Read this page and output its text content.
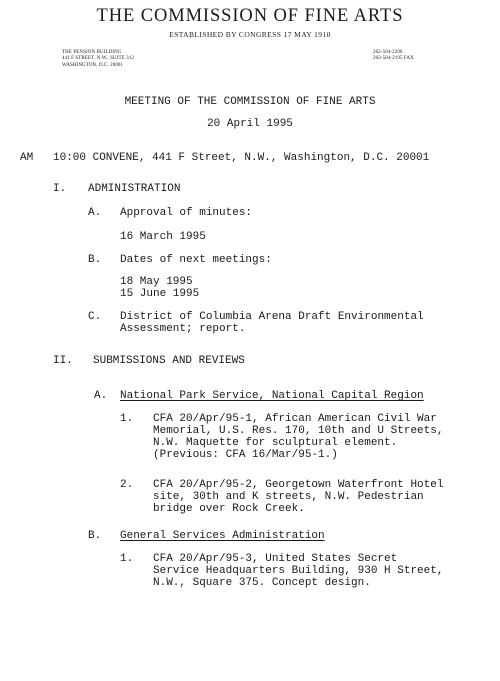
THE COMMISSION OF FINE ARTS
ESTABLISHED BY CONGRESS 17 MAY 1910
THE PENSION BUILDING
441 F STREET, N.W., SUITE 312
WASHINGTON, D.C. 20001
202-504-2200
202-504-2195 FAX
MEETING OF THE COMMISSION OF FINE ARTS
20 April 1995
AM 10:00 CONVENE, 441 F Street, N.W., Washington, D.C. 20001
I. ADMINISTRATION
A. Approval of minutes:
16 March 1995
B. Dates of next meetings:
18 May 1995
15 June 1995
C. District of Columbia Arena Draft Environmental
Assessment; report.
II. SUBMISSIONS AND REVIEWS
A. National Park Service, National Capital Region
1. CFA 20/Apr/95-1, African American Civil War
Memorial, U.S. Res. 170, 10th and U Streets,
N.W. Maquette for sculptural element.
(Previous: CFA 16/Mar/95-1.)
2. CFA 20/Apr/95-2, Georgetown Waterfront Hotel
site, 30th and K streets, N.W. Pedestrian
bridge over Rock Creek.
B. General Services Administration
1. CFA 20/Apr/95-3, United States Secret
Service Headquarters Building, 930 H Street,
N.W., Square 375. Concept design.
